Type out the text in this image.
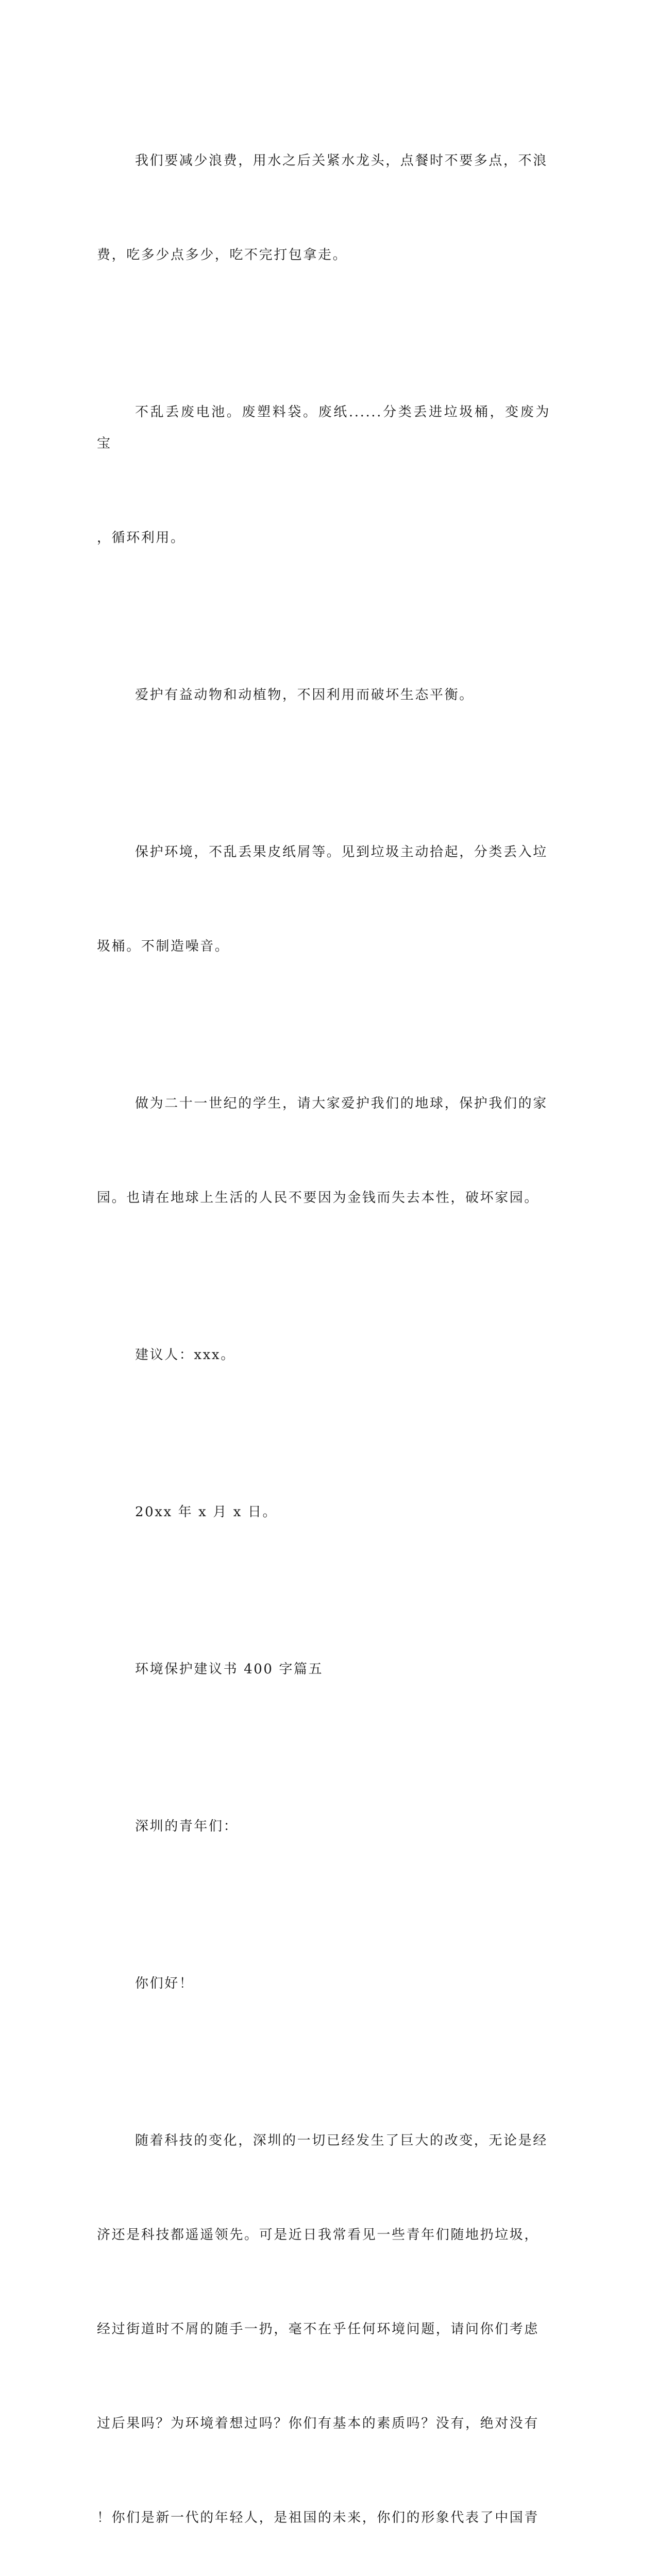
我们要减少浪费，用水之后关紧水龙头，点餐时不要多点，不浪

费，吃多少点多少，吃不完打包拿走。

不乱丢废电池。废塑料袋。废纸......分类丢进垃圾桶，变废为宝

，循环利用。

爱护有益动物和动植物，不因利用而破坏生态平衡。

保护环境，不乱丢果皮纸屑等。见到垃圾主动拾起，分类丢入垃

圾桶。不制造噪音。

做为二十一世纪的学生，请大家爱护我们的地球，保护我们的家

园。也请在地球上生活的人民不要因为金钱而失去本性，破坏家园。

建议人：xxx。

20xx 年 x 月 x 日。

环境保护建议书 400 字篇五

深圳的青年们：

你们好！

随着科技的变化，深圳的一切已经发生了巨大的改变，无论是经

济还是科技都遥遥领先。可是近日我常看见一些青年们随地扔垃圾，

经过街道时不屑的随手一扔，毫不在乎任何环境问题，请问你们考虑

过后果吗？为环境着想过吗？你们有基本的素质吗？没有，绝对没有

！你们是新一代的年轻人，是祖国的未来，你们的形象代表了中国青
